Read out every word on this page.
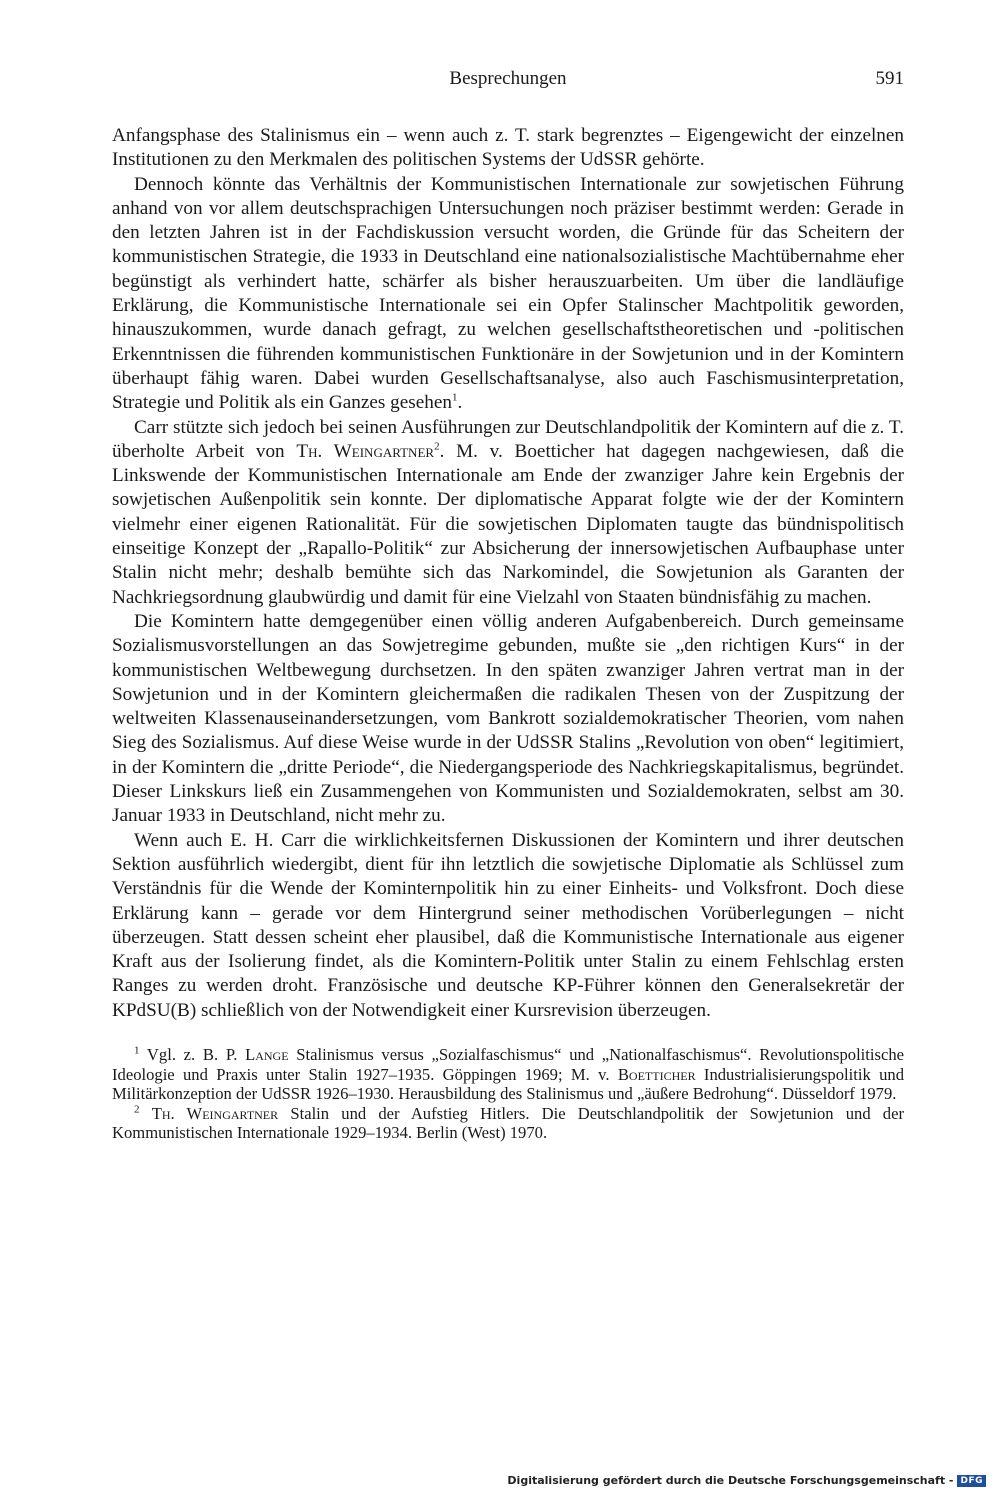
Besprechungen	591

Anfangsphase des Stalinismus ein – wenn auch z. T. stark begrenztes – Eigengewicht der einzelnen Institutionen zu den Merkmalen des politischen Systems der UdSSR gehörte.

Dennoch könnte das Verhältnis der Kommunistischen Internationale zur sowjetischen Führung anhand von vor allem deutschsprachigen Untersuchungen noch präziser bestimmt werden: Gerade in den letzten Jahren ist in der Fachdiskussion versucht worden, die Gründe für das Scheitern der kommunistischen Strategie, die 1933 in Deutschland eine nationalsozialistische Machtübernahme eher begünstigt als verhindert hatte, schärfer als bisher herauszuarbeiten. Um über die landläufige Erklärung, die Kommunistische Internationale sei ein Opfer Stalinscher Machtpolitik geworden, hinauszukommen, wurde danach gefragt, zu welchen gesellschaftstheoretischen und -politischen Erkenntnissen die führenden kommunistischen Funktionäre in der Sowjetunion und in der Komintern überhaupt fähig waren. Dabei wurden Gesellschaftsanalyse, also auch Faschismusinterpretation, Strategie und Politik als ein Ganzes gesehen$^1$.

Carr stützte sich jedoch bei seinen Ausführungen zur Deutschlandpolitik der Komintern auf die z. T. überholte Arbeit von Th. Weingartner$^2$. M. v. Boetticher hat dagegen nachgewiesen, daß die Linkswende der Kommunistischen Internationale am Ende der zwanziger Jahre kein Ergebnis der sowjetischen Außenpolitik sein konnte. Der diplomatische Apparat folgte wie der der Komintern vielmehr einer eigenen Rationalität. Für die sowjetischen Diplomaten taugte das bündnispolitisch einseitige Konzept der „Rapallo-Politik“ zur Absicherung der innersowjetischen Aufbauphase unter Stalin nicht mehr; deshalb bemühte sich das Narkomindel, die Sowjetunion als Garanten der Nachkriegsordnung glaubwürdig und damit für eine Vielzahl von Staaten bündnisfähig zu machen.

Die Komintern hatte demgegenüber einen völlig anderen Aufgabenbereich. Durch gemeinsame Sozialismusvorstellungen an das Sowjetregime gebunden, mußte sie „den richtigen Kurs“ in der kommunistischen Weltbewegung durchsetzen. In den späten zwanziger Jahren vertrat man in der Sowjetunion und in der Komintern gleichermaßen die radikalen Thesen von der Zuspitzung der weltweiten Klassenauseinandersetzungen, vom Bankrott sozialdemokratischer Theorien, vom nahen Sieg des Sozialismus. Auf diese Weise wurde in der UdSSR Stalins „Revolution von oben“ legitimiert, in der Komintern die „dritte Periode“, die Niedergangsperiode des Nachkriegskapitalismus, begründet. Dieser Linkskurs ließ ein Zusammengehen von Kommunisten und Sozialdemokraten, selbst am 30. Januar 1933 in Deutschland, nicht mehr zu.

Wenn auch E. H. Carr die wirklichkeitsfernen Diskussionen der Komintern und ihrer deutschen Sektion ausführlich wiedergibt, dient für ihn letztlich die sowjetische Diplomatie als Schlüssel zum Verständnis für die Wende der Kominternpolitik hin zu einer Einheits- und Volksfront. Doch diese Erklärung kann – gerade vor dem Hintergrund seiner methodischen Vorüberlegungen – nicht überzeugen. Statt dessen scheint eher plausibel, daß die Kommunistische Internationale aus eigener Kraft aus der Isolierung findet, als die Komintern-Politik unter Stalin zu einem Fehlschlag ersten Ranges zu werden droht. Französische und deutsche KP-Führer können den Generalsekretär der KPdSU(B) schließlich von der Notwendigkeit einer Kursrevision überzeugen.

$^1$ Vgl. z. B. P. Lange Stalinismus versus „Sozialfaschismus“ und „Nationalfaschismus“. Revolutionspolitische Ideologie und Praxis unter Stalin 1927–1935. Göppingen 1969; M. v. Boetticher Industrialisierungspolitik und Militärkonzeption der UdSSR 1926–1930. Herausbildung des Stalinismus und „äußere Bedrohung“. Düsseldorf 1979.

$^2$ Th. Weingartner Stalin und der Aufstieg Hitlers. Die Deutschlandpolitik der Sowjetunion und der Kommunistischen Internationale 1929–1934. Berlin (West) 1970.

Digitalisierung gefördert durch die Deutsche Forschungsgemeinschaft - DFG
